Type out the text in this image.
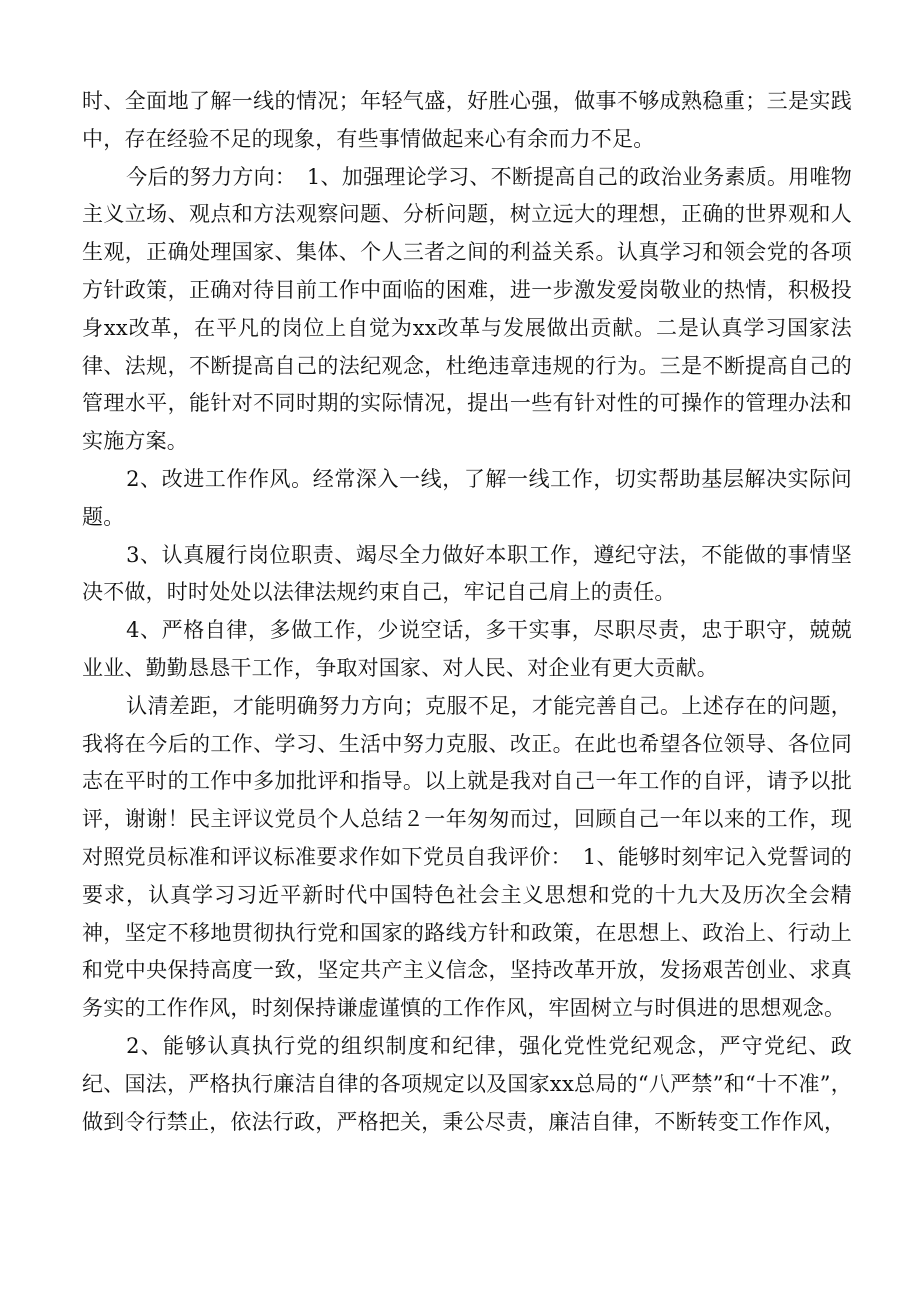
时、全面地了解一线的情况；年轻气盛，好胜心强，做事不够成熟稳重；三是实践中，存在经验不足的现象，有些事情做起来心有余而力不足。

今后的努力方向：　1、加强理论学习、不断提高自己的政治业务素质。用唯物主义立场、观点和方法观察问题、分析问题，树立远大的理想，正确的世界观和人生观，正确处理国家、集体、个人三者之间的利益关系。认真学习和领会党的各项方针政策，正确对待目前工作中面临的困难，进一步激发爱岗敬业的热情，积极投身xx改革，在平凡的岗位上自觉为xx改革与发展做出贡献。二是认真学习国家法律、法规，不断提高自己的法纪观念，杜绝违章违规的行为。三是不断提高自己的管理水平，能针对不同时期的实际情况，提出一些有针对性的可操作的管理办法和实施方案。

2、改进工作作风。经常深入一线，了解一线工作，切实帮助基层解决实际问题。

3、认真履行岗位职责、竭尽全力做好本职工作，遵纪守法，不能做的事情坚决不做，时时处处以法律法规约束自己，牢记自己肩上的责任。

4、严格自律，多做工作，少说空话，多干实事，尽职尽责，忠于职守，兢兢业业、勤勤恳恳干工作，争取对国家、对人民、对企业有更大贡献。

认清差距，才能明确努力方向；克服不足，才能完善自己。上述存在的问题，我将在今后的工作、学习、生活中努力克服、改正。在此也希望各位领导、各位同志在平时的工作中多加批评和指导。以上就是我对自己一年工作的自评，请予以批评，谢谢！民主评议党员个人总结２一年匆匆而过，回顾自己一年以来的工作，现对照党员标准和评议标准要求作如下党员自我评价：　1、能够时刻牢记入党誓词的要求，认真学习习近平新时代中国特色社会主义思想和党的十九大及历次全会精神，坚定不移地贯彻执行党和国家的路线方针和政策，在思想上、政治上、行动上和党中央保持高度一致，坚定共产主义信念，坚持改革开放，发扬艰苦创业、求真务实的工作作风，时刻保持谦虚谨慎的工作作风，牢固树立与时俱进的思想观念。

2、能够认真执行党的组织制度和纪律，强化党性党纪观念，严守党纪、政纪、国法，严格执行廉洁自律的各项规定以及国家xx总局的“八严禁”和“十不准”，做到令行禁止，依法行政，严格把关，秉公尽责，廉洁自律，不断转变工作作风，
